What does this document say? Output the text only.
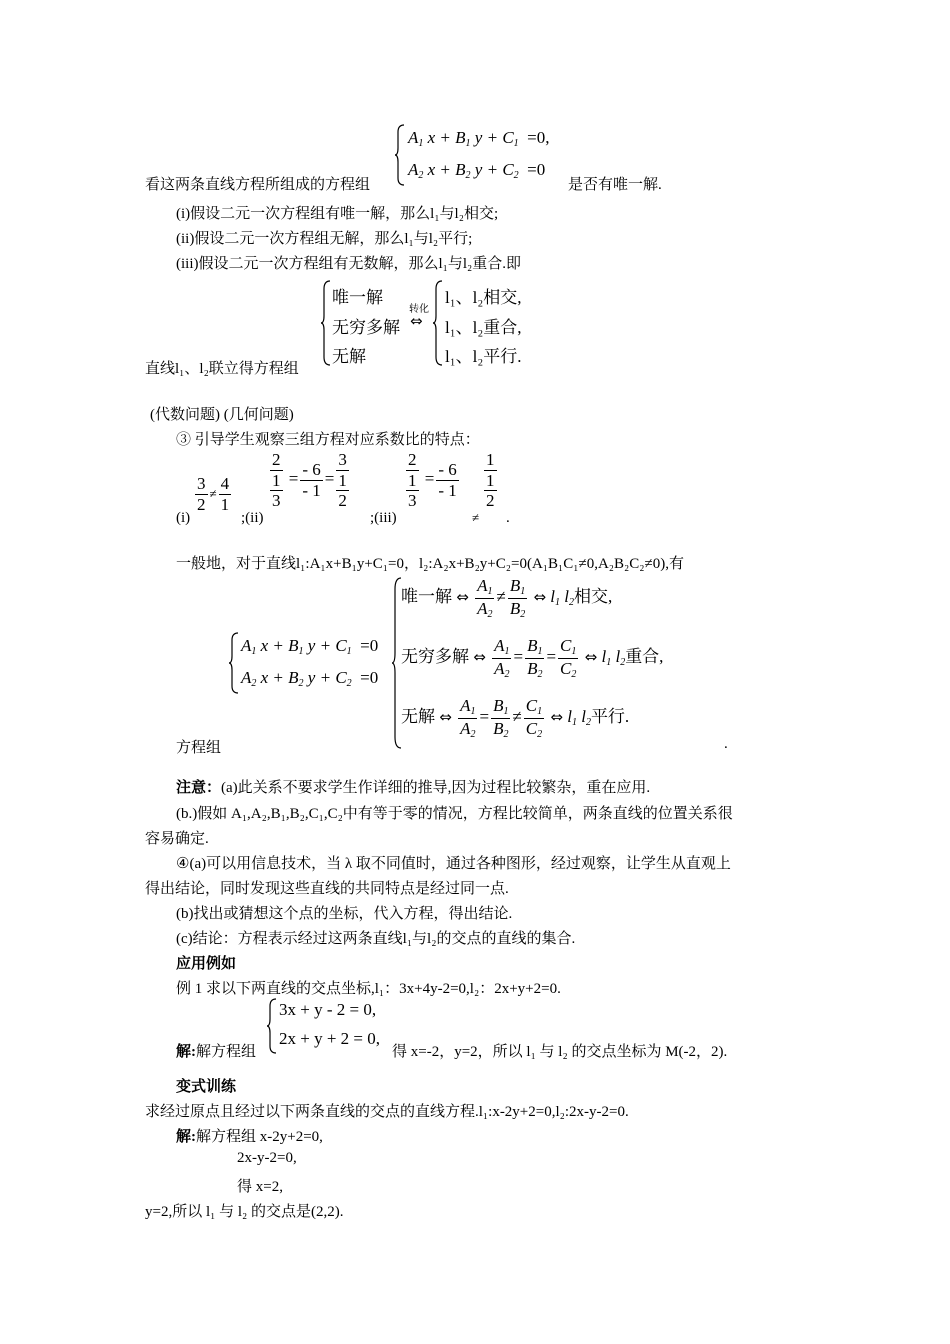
$A_1$ $x + B_1$ $y + C_1 =0$,
$A_2$ $x + B_2$ $y + C_2 =0$
看这两条直线方程所组成的方程组	是否有唯一解.
(i)假设二元一次方程组有唯一解，那么l₁与l₂相交;
(ii)假设二元一次方程组无解，那么l₁与l₂平行;
(iii)假设二元一次方程组有无数解，那么l₁与l₂重合.即
唯一解
无穷多解
无解
转化
⇔
l₁、l₂相交,
l₁、l₂重合,
l₁、l₂平行.
直线l₁、l₂联立得方程组
(代数问题) (几何问题)
③ 引导学生观察三组方程对应系数比的特点：
(i)
$\frac{3}{2} \ne \frac{4}{1}$
;(ii)
2
1
3
= $\frac{- 6}{- 1}$ =
3
1
2
;(iii)
2
1
3
= $\frac{- 6}{- 1}$
≠
1
1
2
.
一般地，对于直线l₁:A₁x+B₁y+C₁=0，l₂:A₂x+B₂y+C₂=0(A₁B₁C₁≠0,A₂B₂C₂≠0),有
$A_1$ $x + B_1$ $y + C_1 =0$
$A_2$ $x + B_2$ $y + C_2 =0$
方程组
唯一解 ⇔ $\frac{A_1}{A_2} \ne \frac{B_1}{B_2}$ ⇔ $l_1$ $l_2$相交,
无穷多解 ⇔ $\frac{A_1}{A_2} = \frac{B_1}{B_2} = \frac{C_1}{C_2}$ ⇔ $l_1$ $l_2$重合,
无解 ⇔ $\frac{A_1}{A_2} = \frac{B_1}{B_2} \ne \frac{C_1}{C_2}$ ⇔ $l_1$ $l_2$平行.
.
注意：(a)此关系不要求学生作详细的推导,因为过程比较繁杂，重在应用.
(b.)假如 A₁,A₂,B₁,B₂,C₁,C₂中有等于零的情况，方程比较简单，两条直线的位置关系很
容易确定.
④(a)可以用信息技术，当 λ 取不同值时，通过各种图形，经过观察，让学生从直观上
得出结论，同时发现这些直线的共同特点是经过同一点.
(b)找出或猜想这个点的坐标，代入方程，得出结论.
(c)结论：方程表示经过这两条直线l₁与l₂的交点的直线的集合.
应用例如
例 1 求以下两直线的交点坐标,l₁：3x+4y-2=0,l₂：2x+y+2=0.
3x + y - 2 = 0,
2x + y + 2 = 0,
解:解方程组	得 x=-2，y=2，所以 l₁ 与 l₂ 的交点坐标为 M(-2，2).
变式训练
求经过原点且经过以下两条直线的交点的直线方程.l₁:x-2y+2=0,l₂:2x-y-2=0.
解:解方程组 x-2y+2=0,
2x-y-2=0,
得 x=2,
y=2,所以 l₁ 与 l₂ 的交点是(2,2).
